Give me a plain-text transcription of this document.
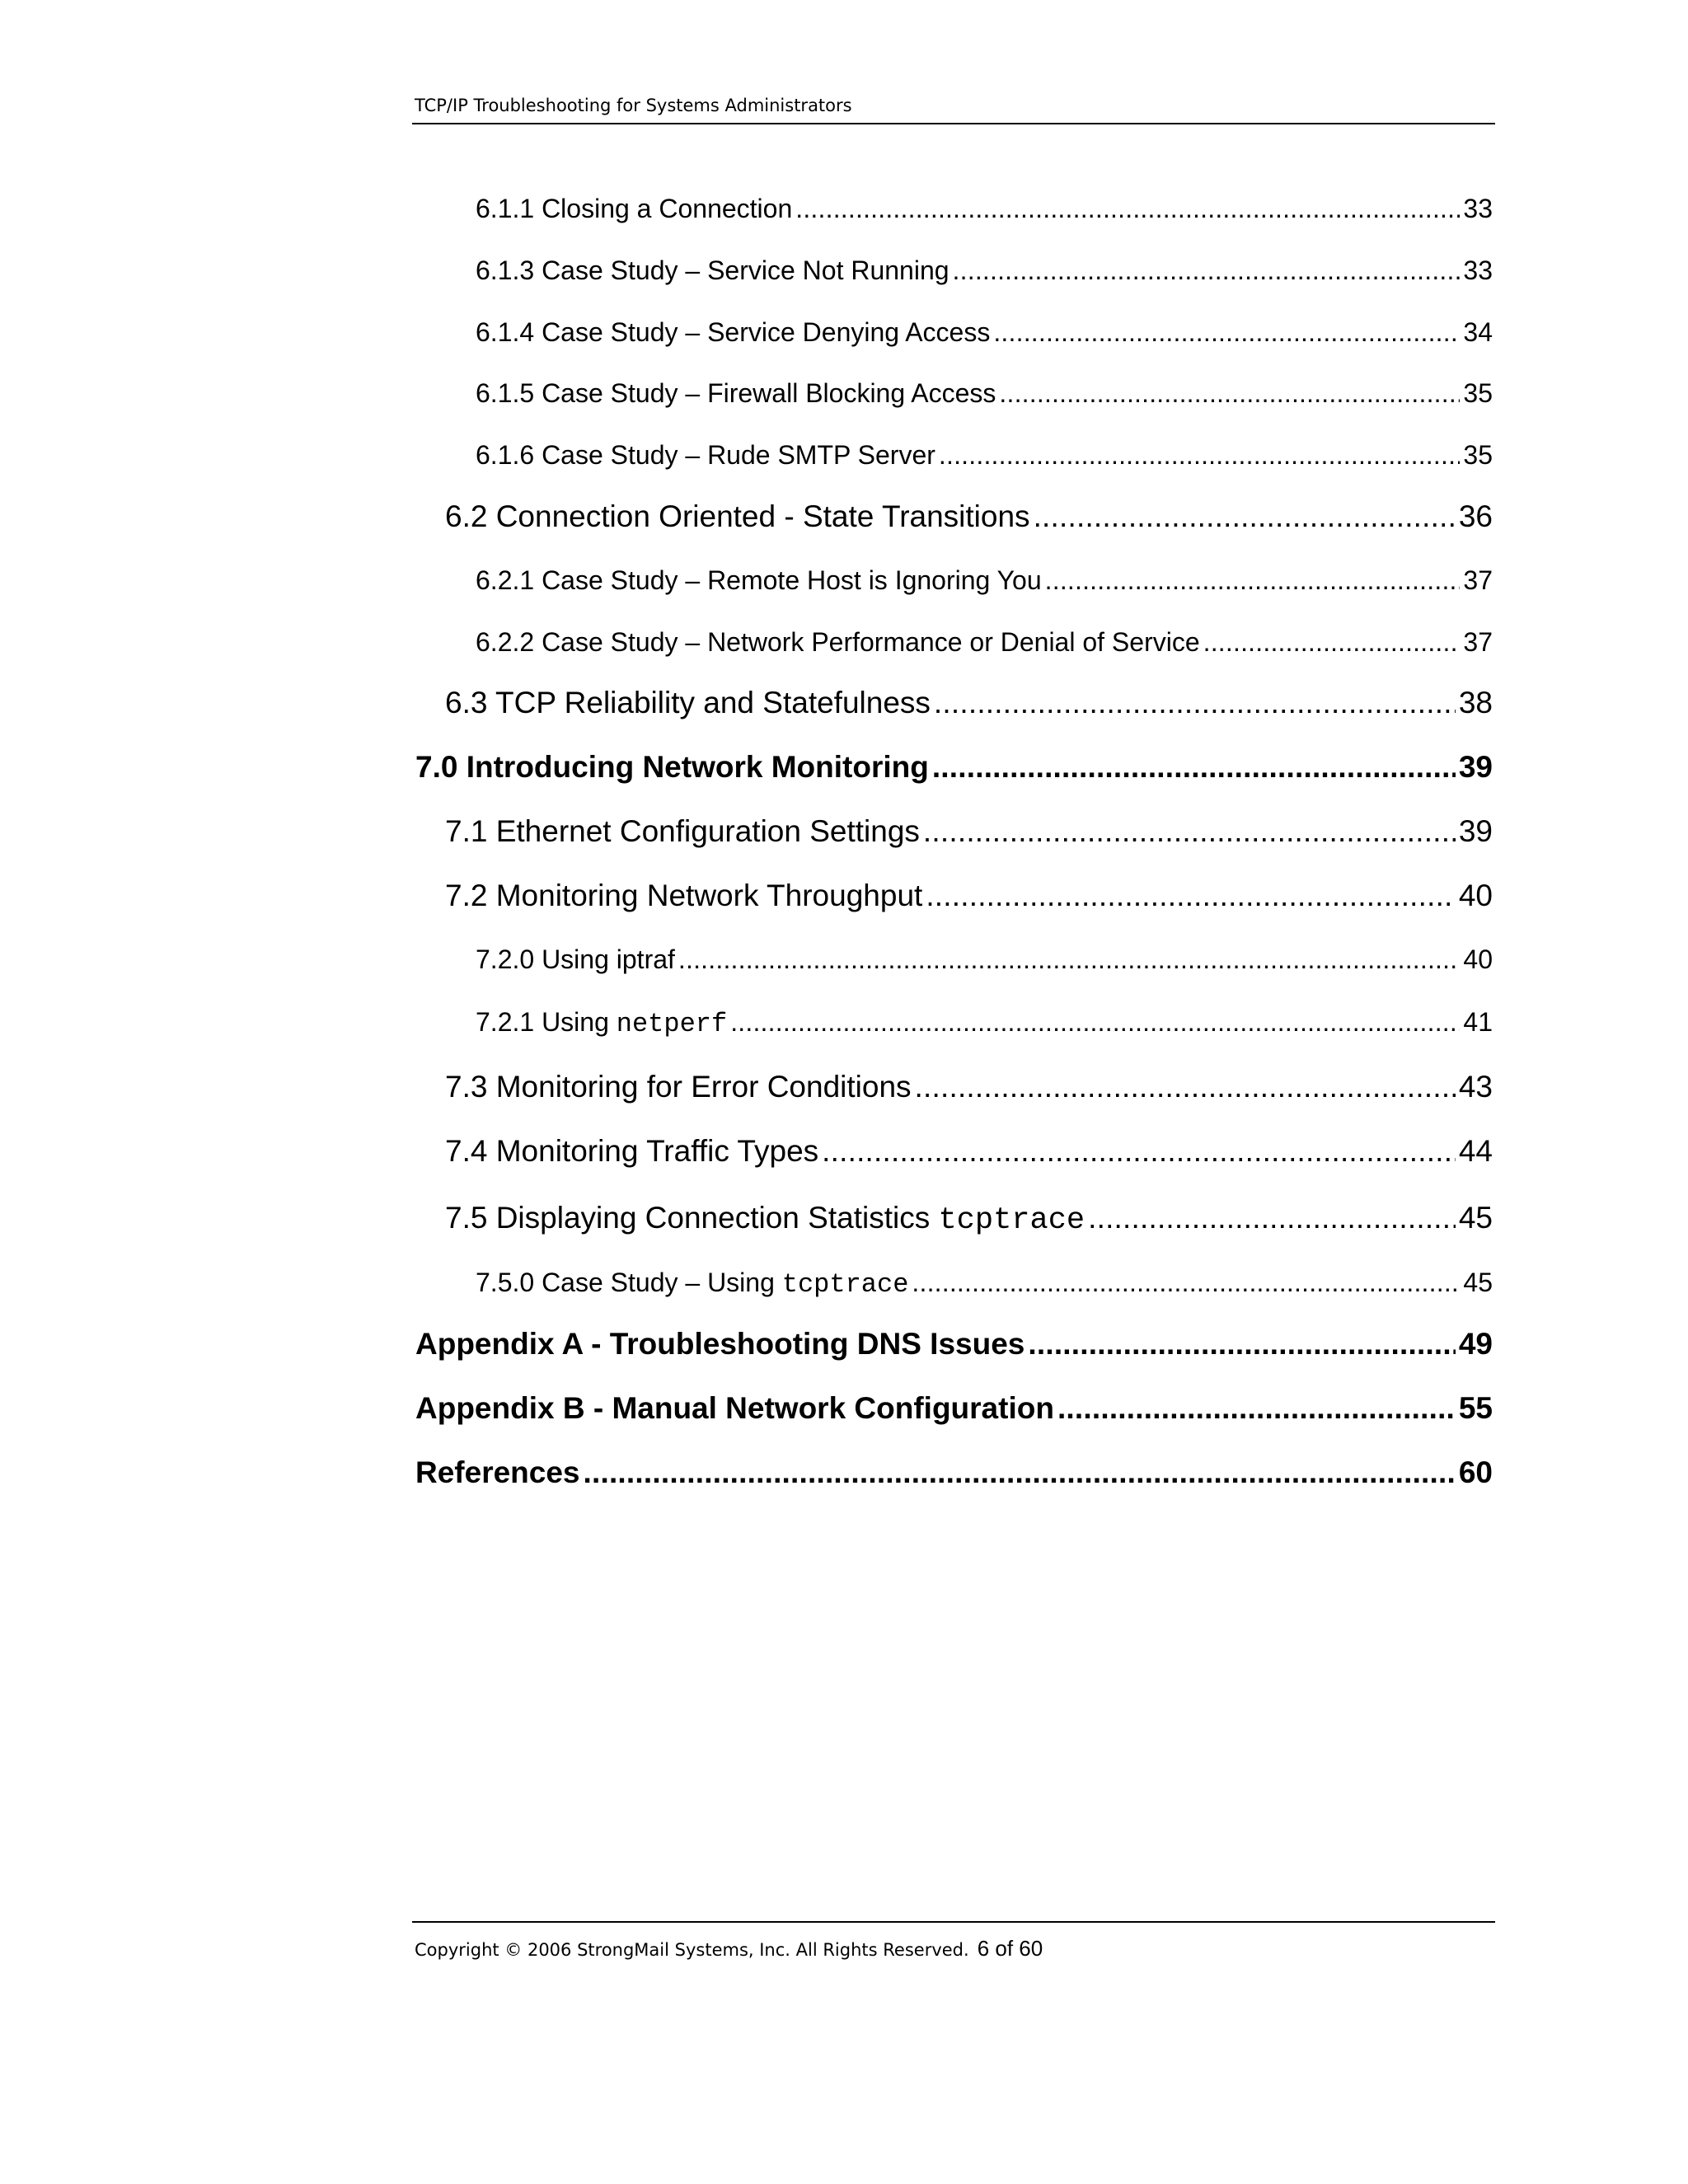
TCP/IP Troubleshooting for Systems Administrators
6.1.1 Closing a Connection .....	33
6.1.3 Case Study – Service Not Running .....	33
6.1.4 Case Study – Service Denying Access .....	34
6.1.5 Case Study – Firewall Blocking Access .....	35
6.1.6 Case Study – Rude SMTP Server .....	35
6.2 Connection Oriented - State Transitions .....	36
6.2.1 Case Study – Remote Host is Ignoring You .....	37
6.2.2 Case Study – Network Performance or Denial of Service .....	37
6.3 TCP Reliability and Statefulness .....	38
7.0 Introducing Network Monitoring .....	39
7.1 Ethernet Configuration Settings .....	39
7.2 Monitoring Network Throughput .....	40
7.2.0 Using iptraf .....	40
7.2.1 Using netperf .....	41
7.3 Monitoring for Error Conditions .....	43
7.4 Monitoring Traffic Types .....	44
7.5 Displaying Connection Statistics tcptrace .....	45
7.5.0 Case Study – Using tcptrace .....	45
Appendix A - Troubleshooting DNS Issues .....	49
Appendix B - Manual Network Configuration .....	55
References .....	60
Copyright © 2006 StrongMail Systems, Inc. All Rights Reserved. 6 of 60
